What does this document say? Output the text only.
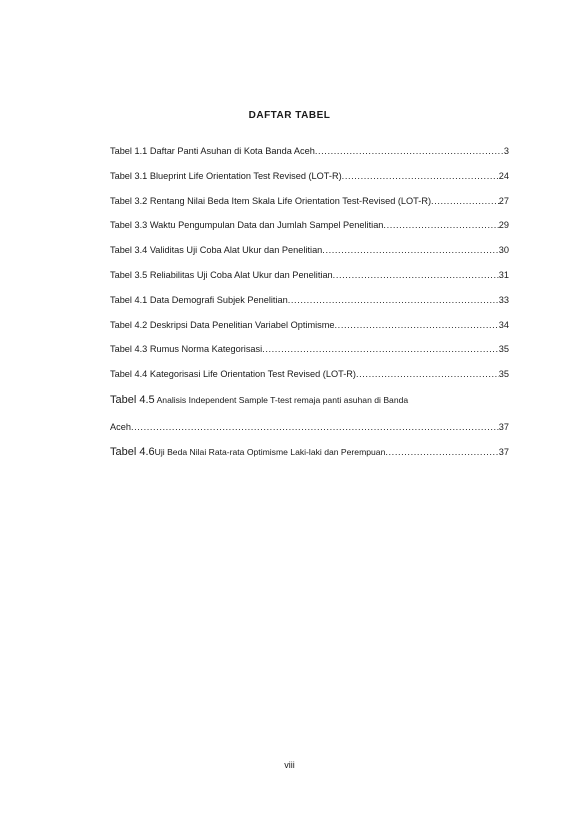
DAFTAR TABEL
Tabel 1.1 Daftar Panti Asuhan di Kota Banda Aceh .....	3
Tabel 3.1 Blueprint Life Orientation Test Revised (LOT-R) .....	24
Tabel 3.2 Rentang Nilai Beda Item Skala Life Orientation Test-Revised (LOT-R) .....	27
Tabel 3.3 Waktu Pengumpulan Data dan Jumlah Sampel Penelitian .....	29
Tabel 3.4 Validitas Uji Coba Alat Ukur dan Penelitian .....	30
Tabel 3.5 Reliabilitas Uji Coba Alat Ukur dan Penelitian .....	31
Tabel 4.1 Data Demografi Subjek Penelitian .....	33
Tabel 4.2 Deskripsi Data Penelitian Variabel Optimisme .....	34
Tabel 4.3 Rumus Norma Kategorisasi .....	35
Tabel 4.4 Kategorisasi Life Orientation Test Revised (LOT-R) .....	35
Tabel 4.5 Analisis Independent Sample T-test remaja panti asuhan di Banda
Aceh .....	37
Tabel 4.6 Uji Beda Nilai Rata-rata Optimisme Laki-laki dan Perempuan .....	37
viii
